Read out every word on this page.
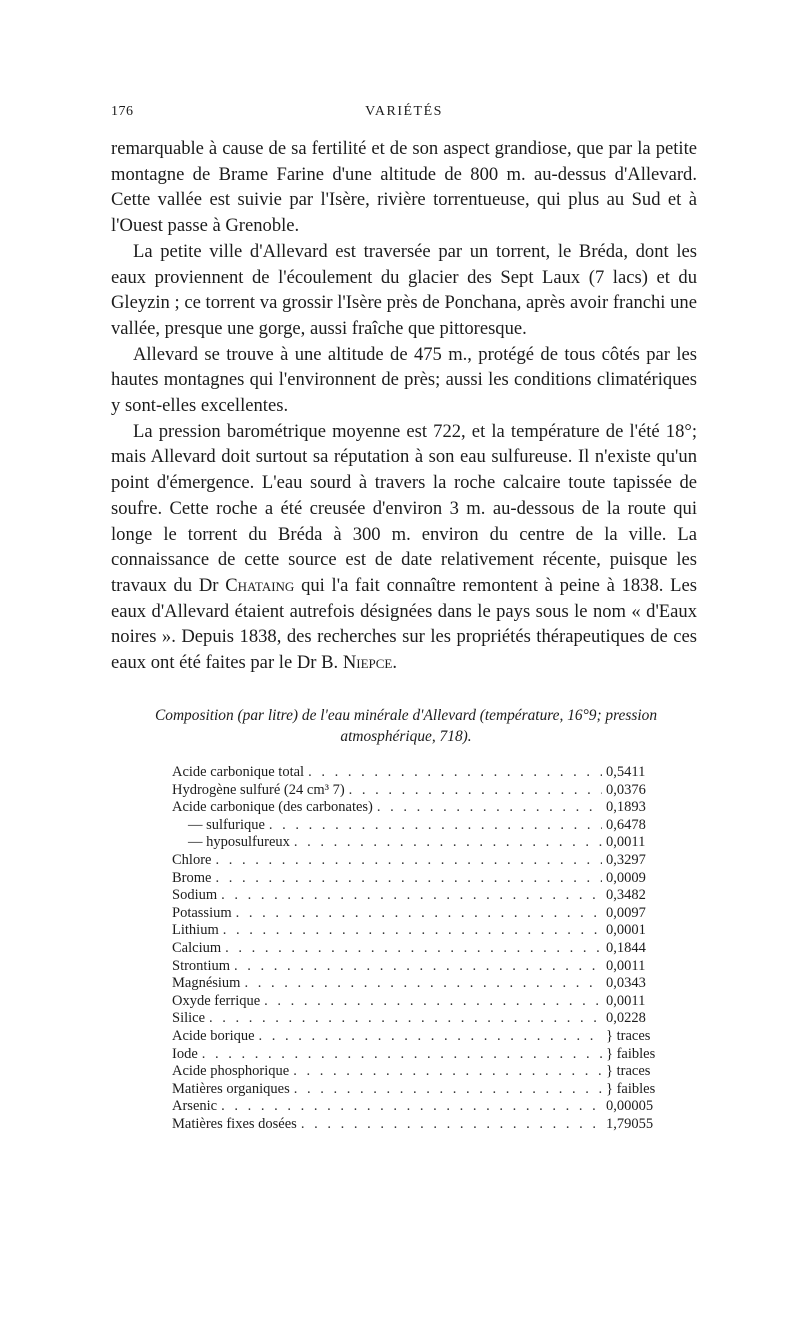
176	VARIÉTÉS

remarquable à cause de sa fertilité et de son aspect grandiose, que par la petite montagne de Brame Farine d'une altitude de 800 m. au-dessus d'Allevard. Cette vallée est suivie par l'Isère, rivière torrentueuse, qui plus au Sud et à l'Ouest passe à Grenoble.

La petite ville d'Allevard est traversée par un torrent, le Bréda, dont les eaux proviennent de l'écoulement du glacier des Sept Laux (7 lacs) et du Gleyzin ; ce torrent va grossir l'Isère près de Ponchana, après avoir franchi une vallée, presque une gorge, aussi fraîche que pittoresque.

Allevard se trouve à une altitude de 475 m., protégé de tous côtés par les hautes montagnes qui l'environnent de près; aussi les conditions climatériques y sont-elles excellentes.

La pression barométrique moyenne est 722, et la température de l'été 18°; mais Allevard doit surtout sa réputation à son eau sulfureuse. Il n'existe qu'un point d'émergence. L'eau sourd à travers la roche calcaire toute tapissée de soufre. Cette roche a été creusée d'environ 3 m. au-dessous de la route qui longe le torrent du Bréda à 300 m. environ du centre de la ville. La connaissance de cette source est de date relativement récente, puisque les travaux du Dr Chataing qui l'a fait connaître remontent à peine à 1838. Les eaux d'Allevard étaient autrefois désignées dans le pays sous le nom « d'Eaux noires ». Depuis 1838, des recherches sur les propriétés thérapeutiques de ces eaux ont été faites par le Dr B. Niepce.

Composition (par litre) de l'eau minérale d'Allevard (température, 16°9; pression atmosphérique, 718).
Acide carbonique total . . .	0,5411
Hydrogène sulfuré (24 cm³ 7) . . .	0,0376
Acide carbonique (des carbonates) . . .	0,1893
— sulfurique . . .	0,6478
— hyposulfureux . . .	0,0011
Chlore . . .	0,3297
Brome . . .	0,0009
Sodium . . .	0,3482
Potassium . . .	0,0097
Lithium . . .	0,0001
Calcium . . .	0,1844
Strontium . . .	0,0011
Magnésium . . .	0,0343
Oxyde ferrique . . .	0,0011
Silice . . .	0,0228
Acide borique . . .	} traces
Iode . . .	} faibles
Acide phosphorique . . .	} traces
Matières organiques . . .	} faibles
Arsenic . . .	0,00005
Matières fixes dosées . . .	1,79055
